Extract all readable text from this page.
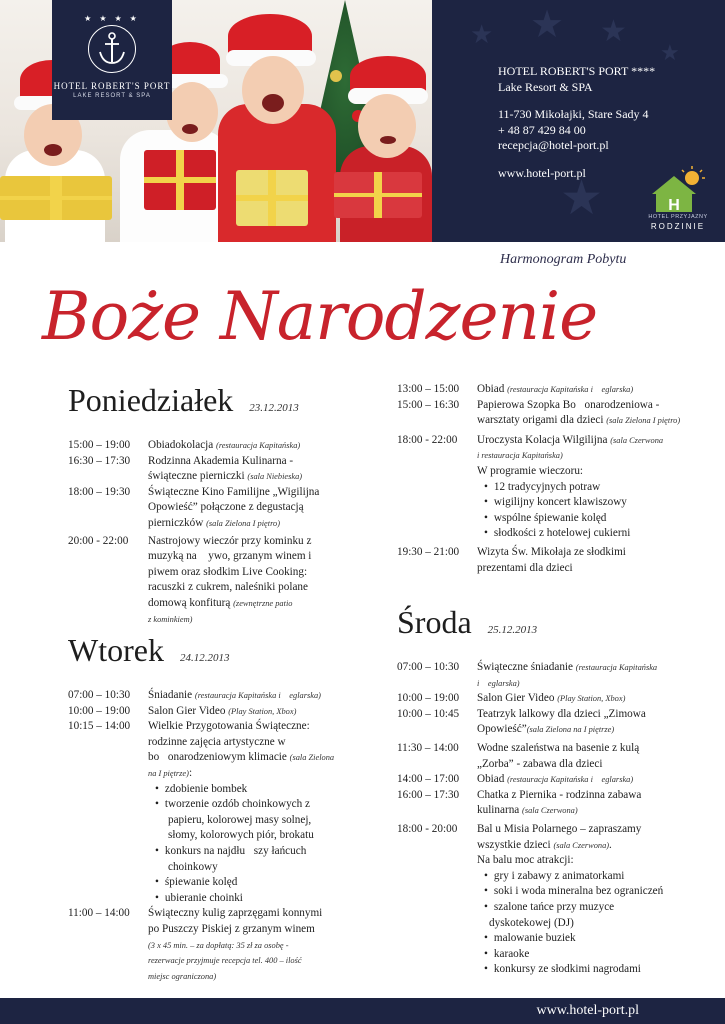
★ ★ ★ ★
HOTEL ROBERT'S PORT
LAKE RESORT & SPA
★
★	★
★
★
HOTEL ROBERT'S PORT ****
Lake Resort & SPA
11-730 Mikołajki, Stare Sady 4
+ 48 87 429 84 00
recepcja@hotel-port.pl
www.hotel-port.pl
H
HOTEL PRZYJAZNY
RODZINIE
Harmonogram Pobytu
Boże Narodzenie
Poniedziałek 23.12.2013
15:00 – 19:00	Obiadokolacja (restauracja Kapitańska)
16:30 – 17:30	Rodzinna Akademia Kulinarna -
świąteczne pierniczki (sala Niebieska)
18:00 – 19:30	Świąteczne Kino Familijne „Wigilijna
Opowieść” połączone z degustacją
pierniczków (sala Zielona I piętro)
20:00 - 22:00	Nastrojowy wieczór przy kominku z
muzyką na  ywo, grzanym winem i
piwem oraz słodkim Live Cooking:
racuszki z cukrem, naleśniki polane
domową konfiturą (zewnętrzne patio
z kominkiem)
Wtorek 24.12.2013
07:00 – 10:30	Śniadanie (restauracja Kapitańska i  eglarska)
10:00 – 19:00	Salon Gier Video (Play Station, Xbox)
10:15 – 14:00	Wielkie Przygotowania Świąteczne:
rodzinne zajęcia artystyczne w
bo onarodzeniowym klimacie (sala Zielona
na I piętrze):
• zdobienie bombek
• tworzenie ozdób choinkowych z
papieru, kolorowej masy solnej,
słomy, kolorowych piór, brokatu
• konkurs na najdłu szy łańcuch
choinkowy
• śpiewanie kolęd
• ubieranie choinki
11:00 – 14:00	Świąteczny kulig zaprzęgami konnymi
po Puszczy Piskiej z grzanym winem
(3 x 45 min. – za dopłatą: 35 zł za osobę -
rezerwacje przyjmuje recepcja tel. 400 – ilość
miejsc ograniczona)
13:00 – 15:00	Obiad (restauracja Kapitańska i  eglarska)
15:00 – 16:30	Papierowa Szopka Bo onarodzeniowa -
warsztaty origami dla dzieci (sala Zielona I piętro)
18:00 - 22:00	Uroczysta Kolacja Wilgilijna (sala Czerwona
i restauracja Kapitańska)
W programie wieczoru:
• 12 tradycyjnych potraw
• wigilijny koncert klawiszowy
• wspólne śpiewanie kolęd
• słodkości z hotelowej cukierni
19:30 – 21:00	Wizyta Św. Mikołaja ze słodkimi
prezentami dla dzieci
Środa 25.12.2013
07:00 – 10:30	Świąteczne śniadanie (restauracja Kapitańska
i  eglarska)
10:00 – 19:00	Salon Gier Video (Play Station, Xbox)
10:00 – 10:45	Teatrzyk lalkowy dla dzieci „Zimowa
Opowieść”(sala Zielona na I piętrze)
11:30 – 14:00	Wodne szaleństwa na basenie z kulą
„Zorba” - zabawa dla dzieci
14:00 – 17:00	Obiad (restauracja Kapitańska i  eglarska)
16:00 – 17:30	Chatka z Piernika - rodzinna zabawa
kulinarna (sala Czerwona)
18:00 - 20:00	Bal u Misia Polarnego – zapraszamy
wszystkie dzieci (sala Czerwona).
Na balu moc atrakcji:
• gry i zabawy z animatorkami
• soki i woda mineralna bez ograniczeń
• szalone tańce przy muzyce
dyskotekowej (DJ)
• malowanie buziek
• karaoke
• konkursy ze słodkimi nagrodami
www.hotel-port.pl
